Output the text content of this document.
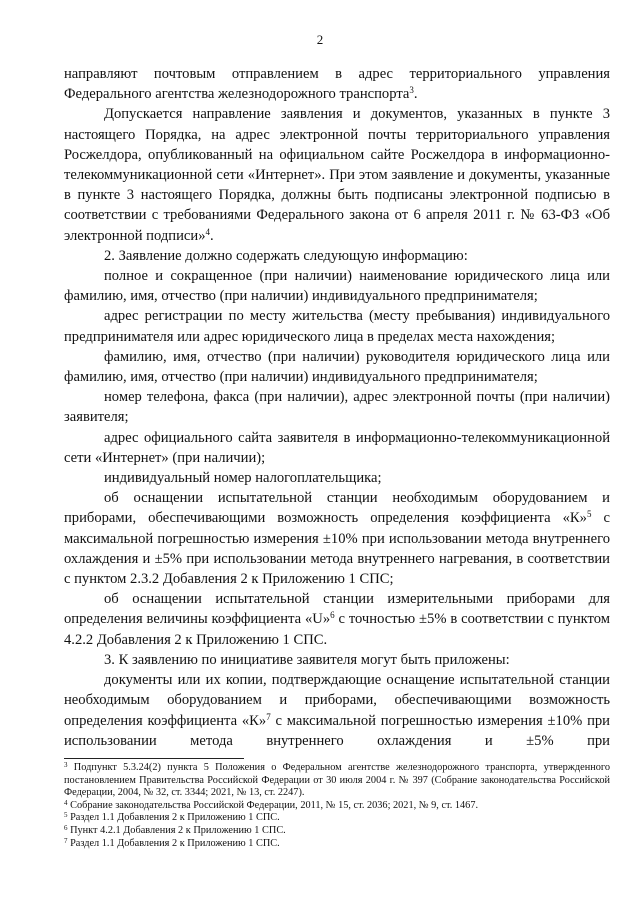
2

направляют почтовым отправлением в адрес территориального управления Федерального агентства железнодорожного транспорта$^3$.

Допускается направление заявления и документов, указанных в пункте 3 настоящего Порядка, на адрес электронной почты территориального управления Росжелдора, опубликованный на официальном сайте Росжелдора в информационно-телекоммуникационной сети «Интернет». При этом заявление и документы, указанные в пункте 3 настоящего Порядка, должны быть подписаны электронной подписью в соответствии с требованиями Федерального закона от 6 апреля 2011 г. № 63-ФЗ «Об электронной подписи»$^4$.

2. Заявление должно содержать следующую информацию:

полное и сокращенное (при наличии) наименование юридического лица или фамилию, имя, отчество (при наличии) индивидуального предпринимателя;

адрес регистрации по месту жительства (месту пребывания) индивидуального предпринимателя или адрес юридического лица в пределах места нахождения;

фамилию, имя, отчество (при наличии) руководителя юридического лица или фамилию, имя, отчество (при наличии) индивидуального предпринимателя;

номер телефона, факса (при наличии), адрес электронной почты (при наличии) заявителя;

адрес официального сайта заявителя в информационно-телекоммуникационной сети «Интернет» (при наличии);

индивидуальный номер налогоплательщика;

об оснащении испытательной станции необходимым оборудованием и приборами, обеспечивающими возможность определения коэффициента «К»$^5$ с максимальной погрешностью измерения ±10% при использовании метода внутреннего охлаждения и ±5% при использовании метода внутреннего нагревания, в соответствии с пунктом 2.3.2 Добавления 2 к Приложению 1 СПС;

об оснащении испытательной станции измерительными приборами для определения величины коэффициента «U»$^6$ с точностью ±5% в соответствии с пунктом 4.2.2 Добавления 2 к Приложению 1 СПС.

3. К заявлению по инициативе заявителя могут быть приложены:

документы или их копии, подтверждающие оснащение испытательной станции необходимым оборудованием и приборами, обеспечивающими возможность определения коэффициента «К»$^7$ с максимальной погрешностью измерения ±10% при использовании метода внутреннего охлаждения и ±5% при

$^3$ Подпункт 5.3.24(2) пункта 5 Положения о Федеральном агентстве железнодорожного транспорта, утвержденного постановлением Правительства Российской Федерации от 30 июля 2004 г. № 397 (Собрание законодательства Российской Федерации, 2004, № 32, ст. 3344; 2021, № 13, ст. 2247).

$^4$ Собрание законодательства Российской Федерации, 2011, № 15, ст. 2036; 2021, № 9, ст. 1467.

$^5$ Раздел 1.1 Добавления 2 к Приложению 1 СПС.

$^6$ Пункт 4.2.1 Добавления 2 к Приложению 1 СПС.

$^7$ Раздел 1.1 Добавления 2 к Приложению 1 СПС.
